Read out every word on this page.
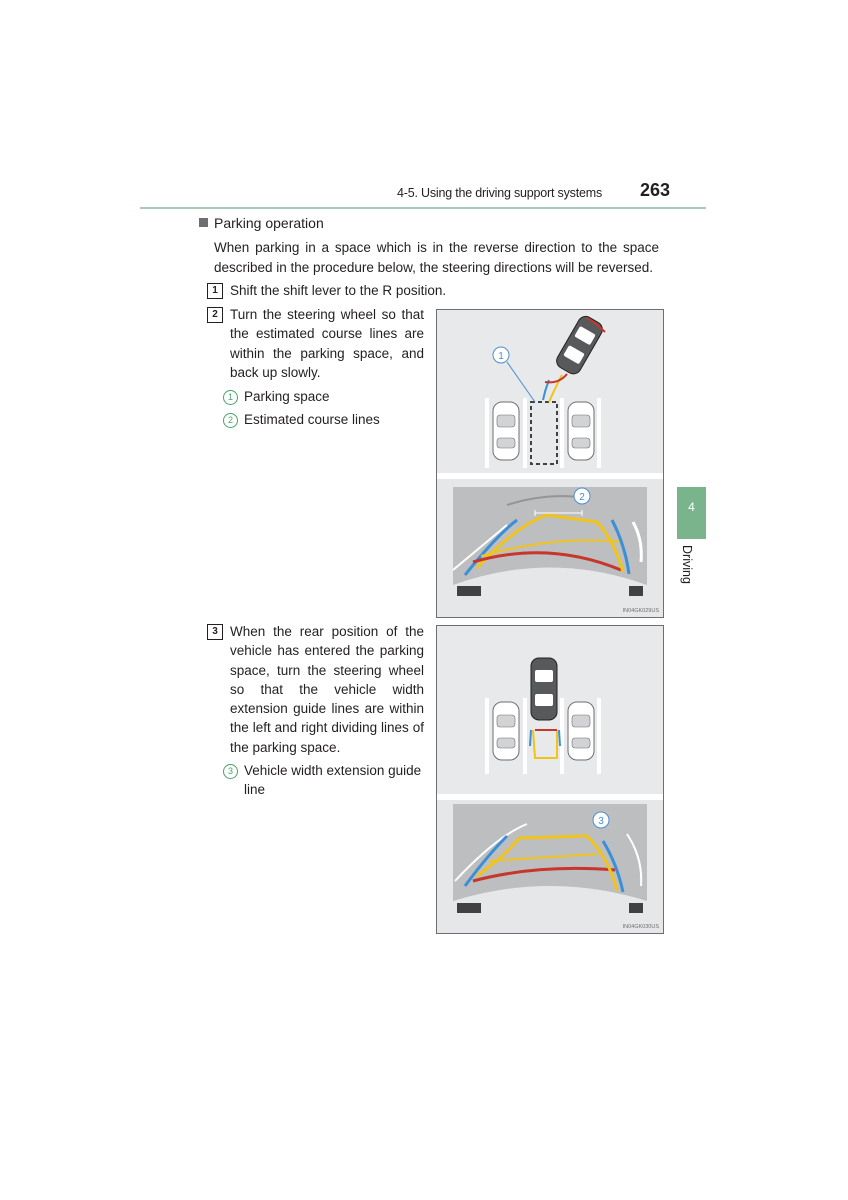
4-5. Using the driving support systems 263
Parking operation
When parking in a space which is in the reverse direction to the space described in the procedure below, the steering directions will be reversed.
1 Shift the shift lever to the R position.
2 Turn the steering wheel so that the estimated course lines are within the parking space, and back up slowly.
1 Parking space
2 Estimated course lines
1
2
IN04GK029US
3 When the rear position of the vehicle has entered the parking space, turn the steering wheel so that the vehicle width extension guide lines are within the left and right dividing lines of the parking space.
3 Vehicle width extension guide line
3
IN04GK030US
4
Driving
